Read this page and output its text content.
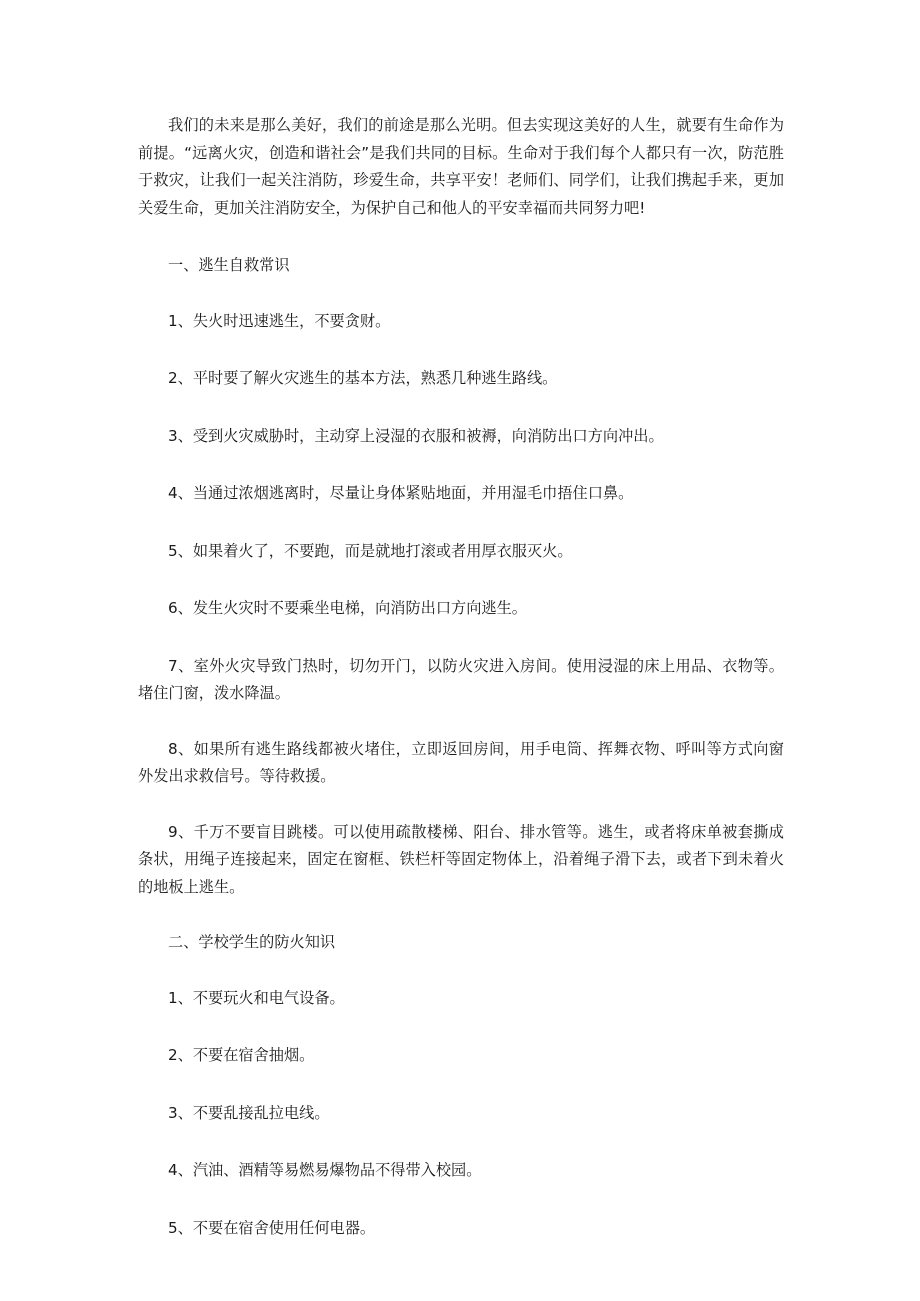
我们的未来是那么美好，我们的前途是那么光明。但去实现这美好的人生，就要有生命作为前提。“远离火灾，创造和谐社会”是我们共同的目标。生命对于我们每个人都只有一次，防范胜于救灾，让我们一起关注消防，珍爱生命，共享平安！老师们、同学们，让我们携起手来，更加关爱生命，更加关注消防安全，为保护自己和他人的平安幸福而共同努力吧!

一、逃生自救常识

1、失火时迅速逃生，不要贪财。

2、平时要了解火灾逃生的基本方法，熟悉几种逃生路线。

3、受到火灾威胁时，主动穿上浸湿的衣服和被褥，向消防出口方向冲出。

4、当通过浓烟逃离时，尽量让身体紧贴地面，并用湿毛巾捂住口鼻。

5、如果着火了，不要跑，而是就地打滚或者用厚衣服灭火。

6、发生火灾时不要乘坐电梯，向消防出口方向逃生。

7、室外火灾导致门热时，切勿开门，以防火灾进入房间。使用浸湿的床上用品、衣物等。堵住门窗，泼水降温。

8、如果所有逃生路线都被火堵住，立即返回房间，用手电筒、挥舞衣物、呼叫等方式向窗外发出求救信号。等待救援。

9、千万不要盲目跳楼。可以使用疏散楼梯、阳台、排水管等。逃生，或者将床单被套撕成条状，用绳子连接起来，固定在窗框、铁栏杆等固定物体上，沿着绳子滑下去，或者下到未着火的地板上逃生。

二、学校学生的防火知识

1、不要玩火和电气设备。

2、不要在宿舍抽烟。

3、不要乱接乱拉电线。

4、汽油、酒精等易燃易爆物品不得带入校园。

5、不要在宿舍使用任何电器。
